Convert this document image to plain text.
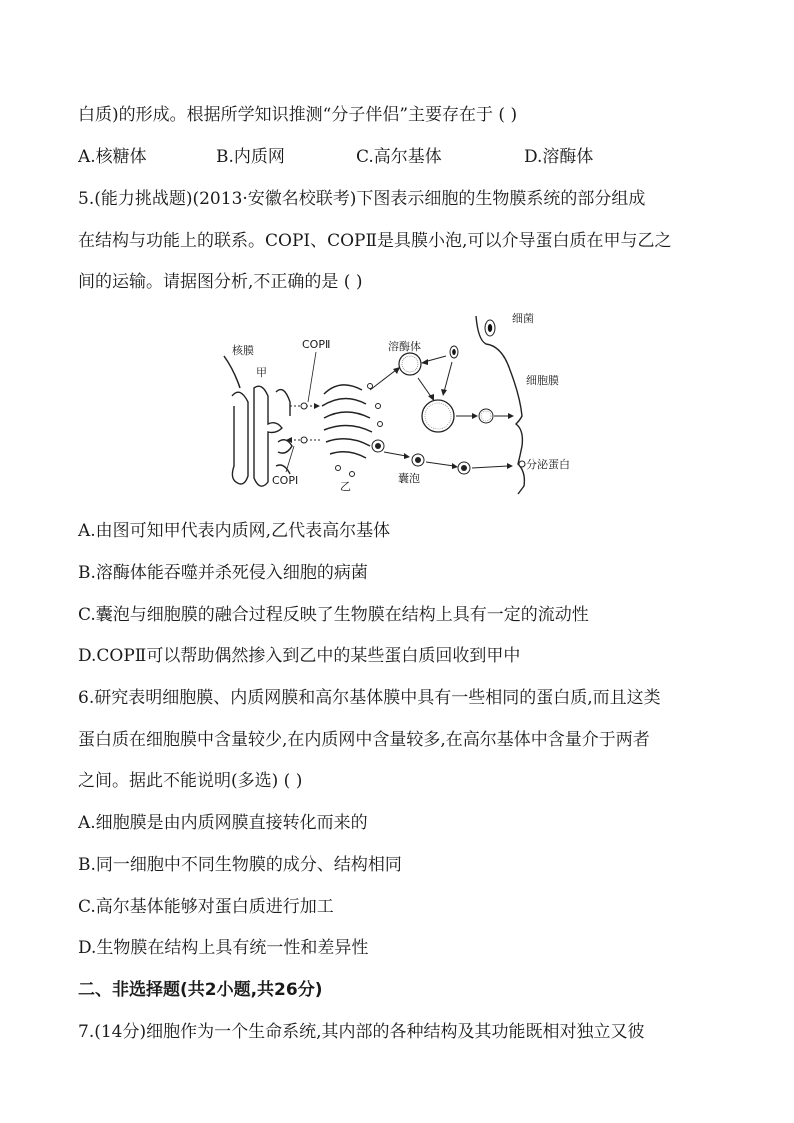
白质)的形成。根据所学知识推测“分子伴侣”主要存在于 ( )
A.核糖体	B.内质网	C.高尔基体	D.溶酶体
5.(能力挑战题)(2013·安徽名校联考)下图表示细胞的生物膜系统的部分组成
在结构与功能上的联系。COPⅠ、COPⅡ是具膜小泡,可以介导蛋白质在甲与乙之
间的运输。请据图分析,不正确的是 ( )
核膜
甲
COPⅡ
COPⅠ	乙
溶酶体
细菌
细胞膜
分泌蛋白
囊泡
A.由图可知甲代表内质网,乙代表高尔基体
B.溶酶体能吞噬并杀死侵入细胞的病菌
C.囊泡与细胞膜的融合过程反映了生物膜在结构上具有一定的流动性
D.COPⅡ可以帮助偶然掺入到乙中的某些蛋白质回收到甲中
6.研究表明细胞膜、内质网膜和高尔基体膜中具有一些相同的蛋白质,而且这类
蛋白质在细胞膜中含量较少,在内质网中含量较多,在高尔基体中含量介于两者
之间。据此不能说明(多选) ( )
A.细胞膜是由内质网膜直接转化而来的
B.同一细胞中不同生物膜的成分、结构相同
C.高尔基体能够对蛋白质进行加工
D.生物膜在结构上具有统一性和差异性
二、非选择题(共2小题,共26分)
7.(14分)细胞作为一个生命系统,其内部的各种结构及其功能既相对独立又彼
